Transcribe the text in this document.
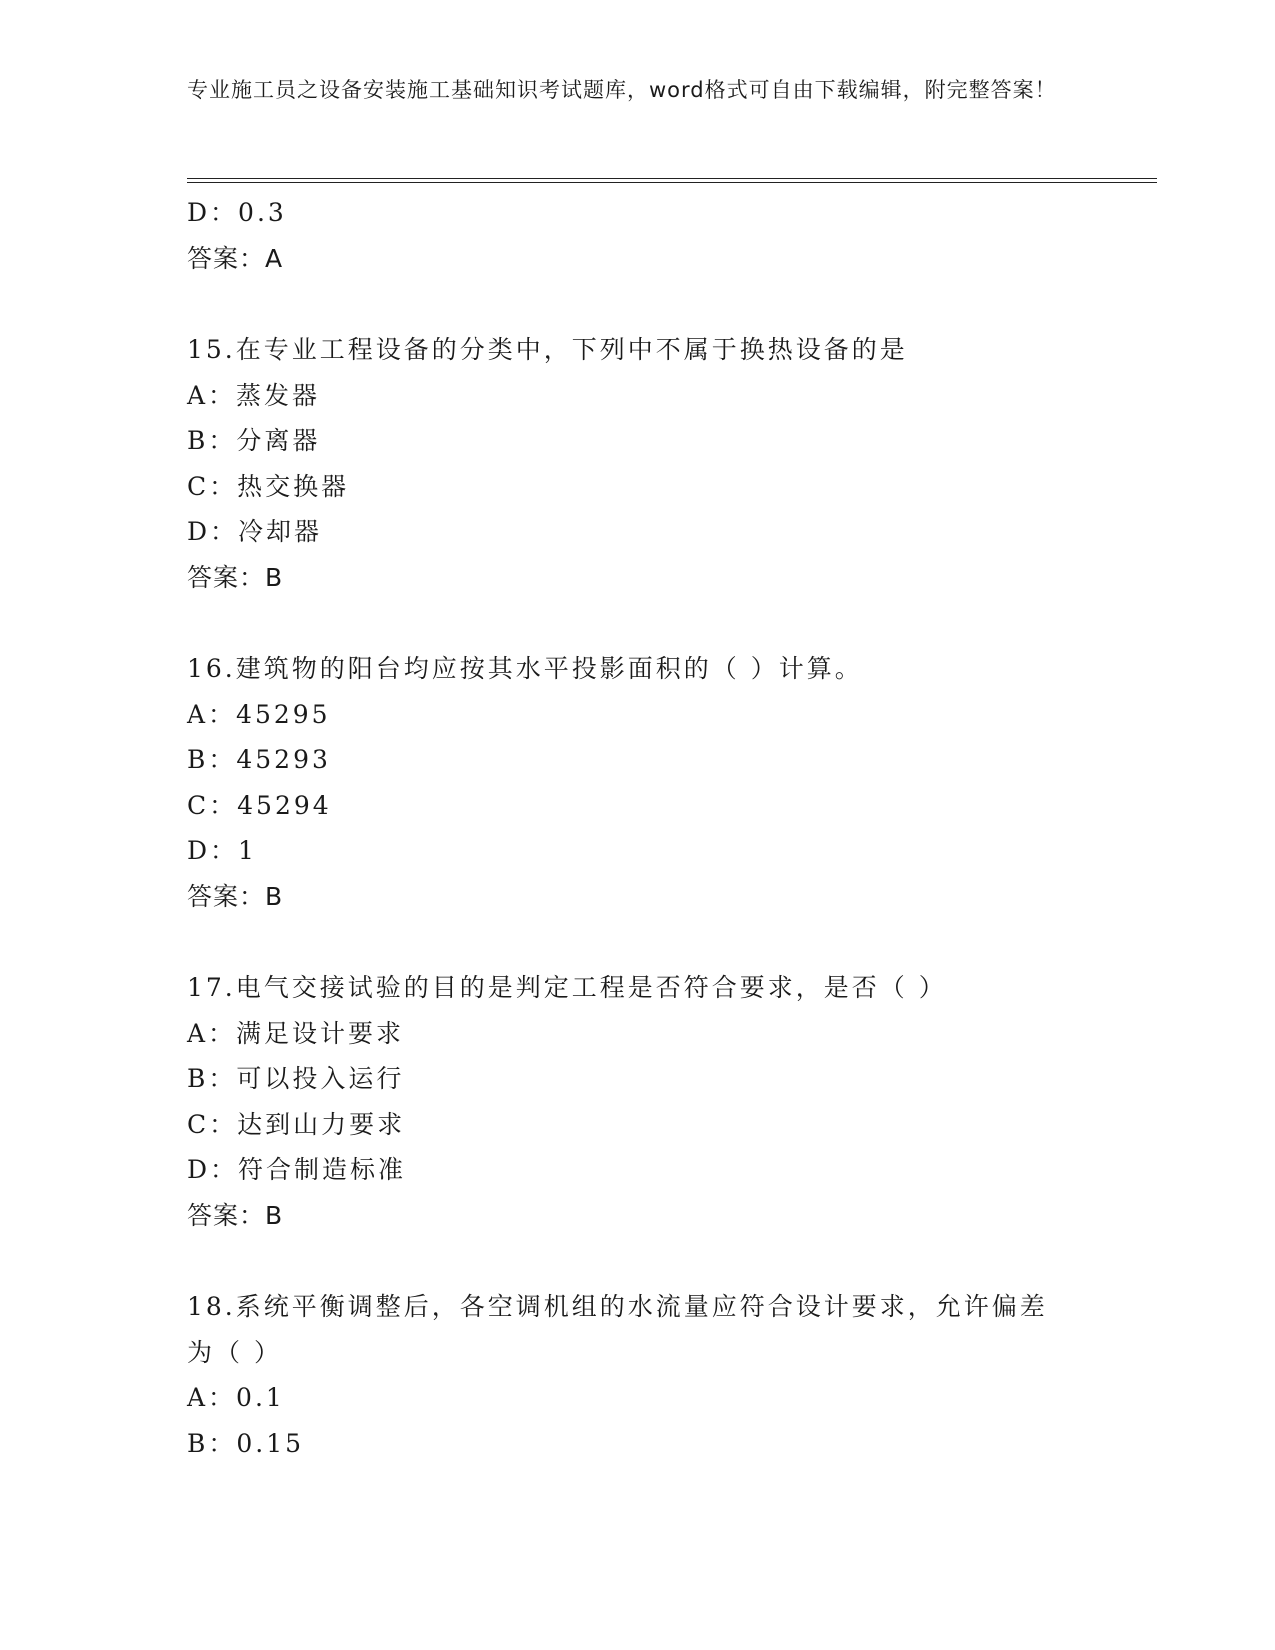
专业施工员之设备安装施工基础知识考试题库，word格式可自由下载编辑，附完整答案！
D：0.3
答案：A
15.在专业工程设备的分类中，下列中不属于换热设备的是
A：蒸发器
B：分离器
C：热交换器
D：冷却器
答案：B
16.建筑物的阳台均应按其水平投影面积的（ ）计算。
A：45295
B：45293
C：45294
D：1
答案：B
17.电气交接试验的目的是判定工程是否符合要求，是否（ ）
A：满足设计要求
B：可以投入运行
C：达到山力要求
D：符合制造标准
答案：B
18.系统平衡调整后，各空调机组的水流量应符合设计要求，允许偏差
为（ ）
A：0.1
B：0.15
